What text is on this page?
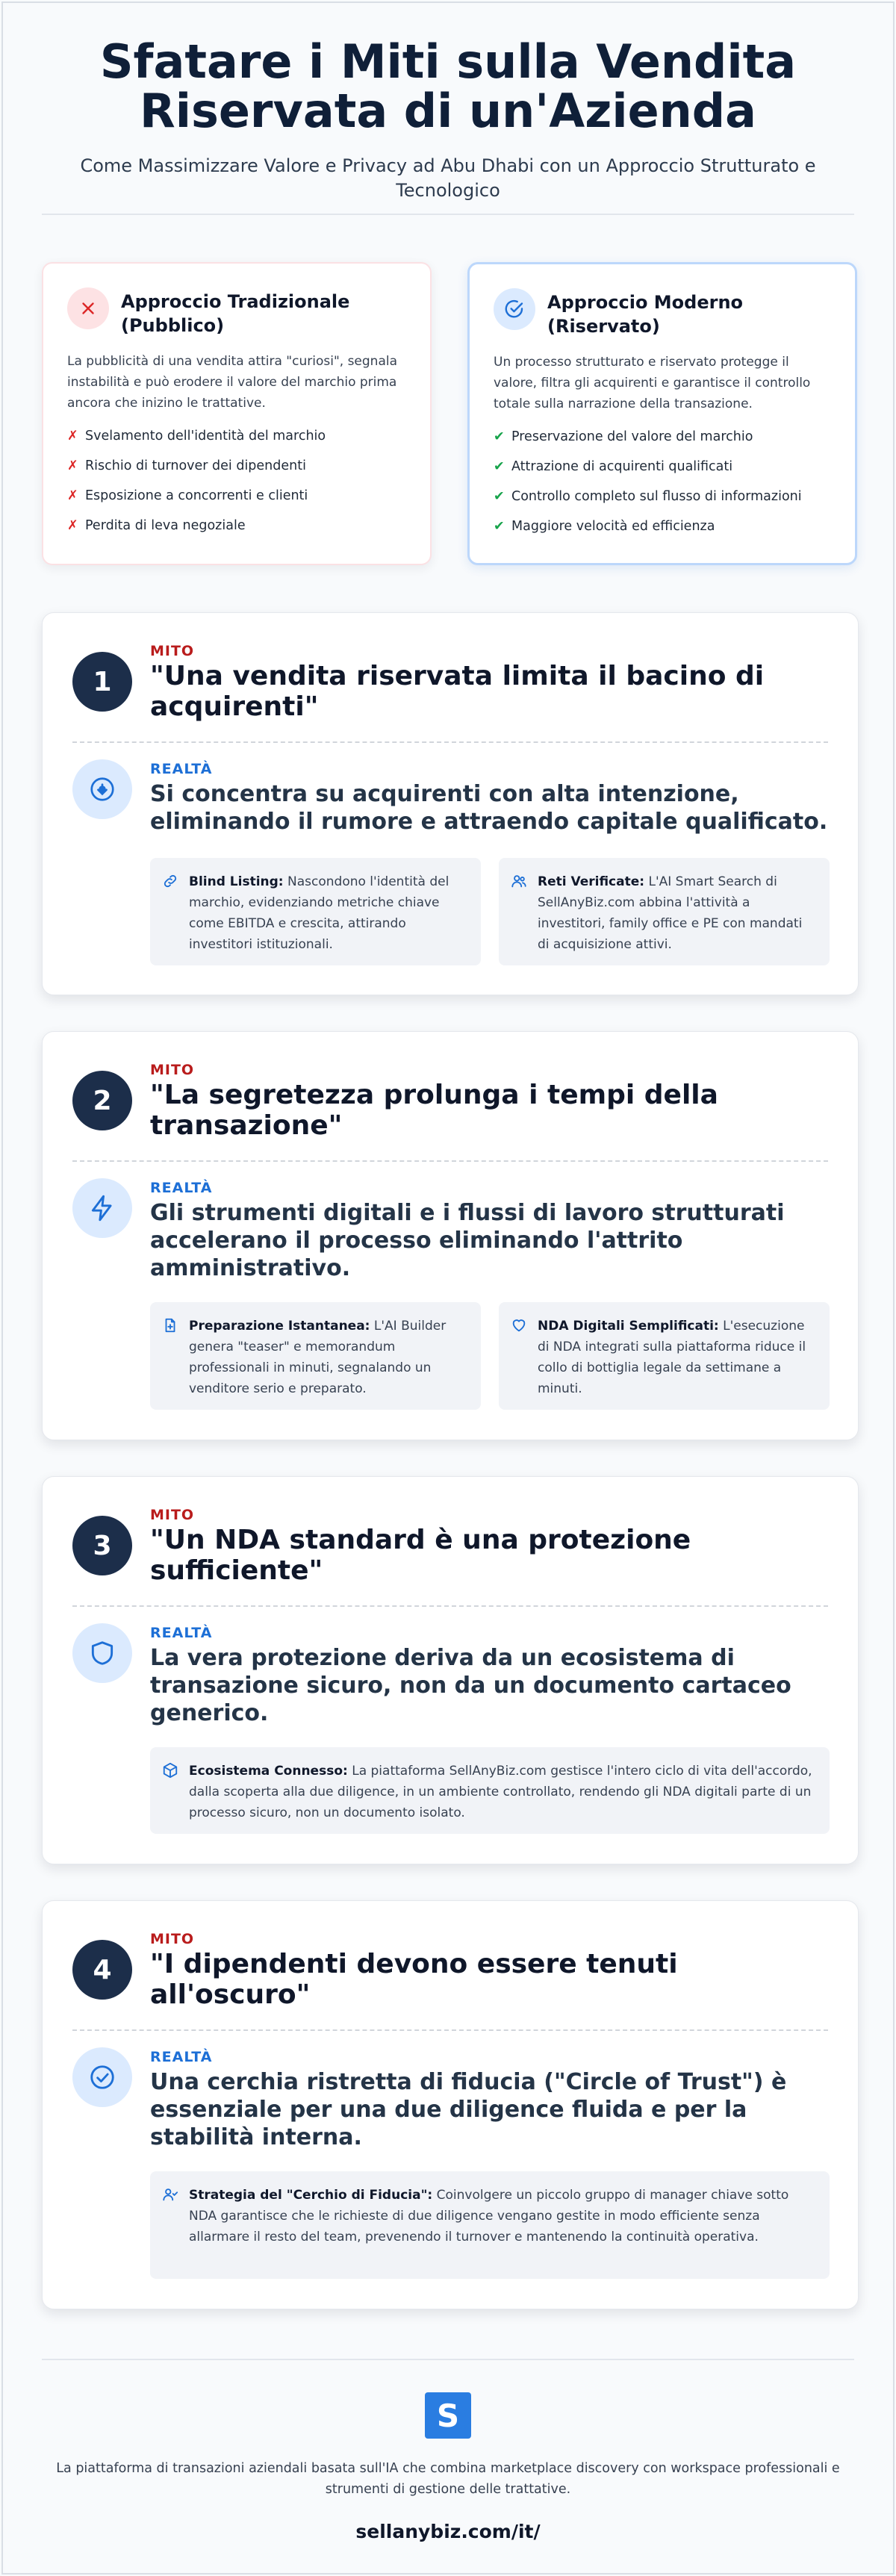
Sfatare i Miti sulla Vendita Riservata di un'Azienda

Come Massimizzare Valore e Privacy ad Abu Dhabi con un Approccio Strutturato e Tecnologico

Approccio Tradizionale (Pubblico)

La pubblicità di una vendita attira "curiosi", segnala instabilità e può erodere il valore del marchio prima ancora che inizino le trattative.

✗ Svelamento dell'identità del marchio
✗ Rischio di turnover dei dipendenti
✗ Esposizione a concorrenti e clienti
✗ Perdita di leva negoziale
Approccio Moderno (Riservato)

Un processo strutturato e riservato protegge il valore, filtra gli acquirenti e garantisce il controllo totale sulla narrazione della transazione.

✔ Preservazione del valore del marchio
✔ Attrazione di acquirenti qualificati
✔ Controllo completo sul flusso di informazioni
✔ Maggiore velocità ed efficienza
1
MITO
"Una vendita riservata limita il bacino di acquirenti"
REALTÀ
Si concentra su acquirenti con alta intenzione, eliminando il rumore e attraendo capitale qualificato.
Blind Listing: Nascondono l'identità del marchio, evidenziando metriche chiave come EBITDA e crescita, attirando investitori istituzionali.
Reti Verificate: L'AI Smart Search di SellAnyBiz.com abbina l'attività a investitori, family office e PE con mandati di acquisizione attivi.
2
MITO
"La segretezza prolunga i tempi della transazione"
REALTÀ
Gli strumenti digitali e i flussi di lavoro strutturati accelerano il processo eliminando l'attrito amministrativo.
Preparazione Istantanea: L'AI Builder genera "teaser" e memorandum professionali in minuti, segnalando un venditore serio e preparato.
NDA Digitali Semplificati: L'esecuzione di NDA integrati sulla piattaforma riduce il collo di bottiglia legale da settimane a minuti.
3
MITO
"Un NDA standard è una protezione sufficiente"
REALTÀ
La vera protezione deriva da un ecosistema di transazione sicuro, non da un documento cartaceo generico.
Ecosistema Connesso: La piattaforma SellAnyBiz.com gestisce l'intero ciclo di vita dell'accordo, dalla scoperta alla due diligence, in un ambiente controllato, rendendo gli NDA digitali parte di un processo sicuro, non un documento isolato.
4
MITO
"I dipendenti devono essere tenuti all'oscuro"
REALTÀ
Una cerchia ristretta di fiducia ("Circle of Trust") è essenziale per una due diligence fluida e per la stabilità interna.
Strategia del "Cerchio di Fiducia": Coinvolgere un piccolo gruppo di manager chiave sotto NDA garantisce che le richieste di due diligence vengano gestite in modo efficiente senza allarmare il resto del team, prevenendo il turnover e mantenendo la continuità operativa.
S

La piattaforma di transazioni aziendali basata sull'IA che combina marketplace discovery con workspace professionali e strumenti di gestione delle trattative.

sellanybiz.com/it/
